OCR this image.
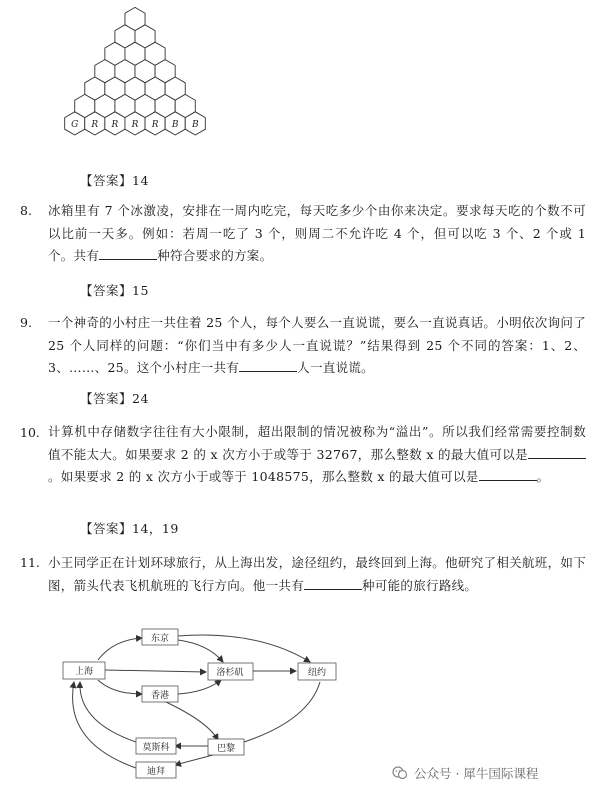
G R R R R B B
【答案】14
8. 冰箱里有 7 个冰激凌，安排在一周内吃完，每天吃多少个由你来决定。要求每天吃的个数不可以比前一天多。例如：若周一吃了 3 个，则周二不允许吃 4 个，但可以吃 3 个、2 个或 1 个。共有	种符合要求的方案。
【答案】15
9. 一个神奇的小村庄一共住着 25 个人，每个人要么一直说谎，要么一直说真话。小明依次询问了 25 个人同样的问题：“你们当中有多少人一直说谎？”结果得到 25 个不同的答案：1、2、3、……、25。这个小村庄一共有	人一直说谎。
【答案】24
10. 计算机中存储数字往往有大小限制，超出限制的情况被称为“溢出”。所以我们经常需要控制数值不能太大。如果要求 2 的 x 次方小于或等于 32767，那么整数 x 的最大值可以是。如果要求 2 的 x 次方小于或等于 1048575，那么整数 x 的最大值可以是	。
【答案】14，19
11. 小王同学正在计划环球旅行，从上海出发，途径纽约，最终回到上海。他研究了相关航班，如下图，箭头代表飞机航班的飞行方向。他一共有	种可能的旅行路线。
上海
东京
香港
洛杉矶	纽约
巴黎
莫斯科
迪拜	公众号 · 犀牛国际课程
